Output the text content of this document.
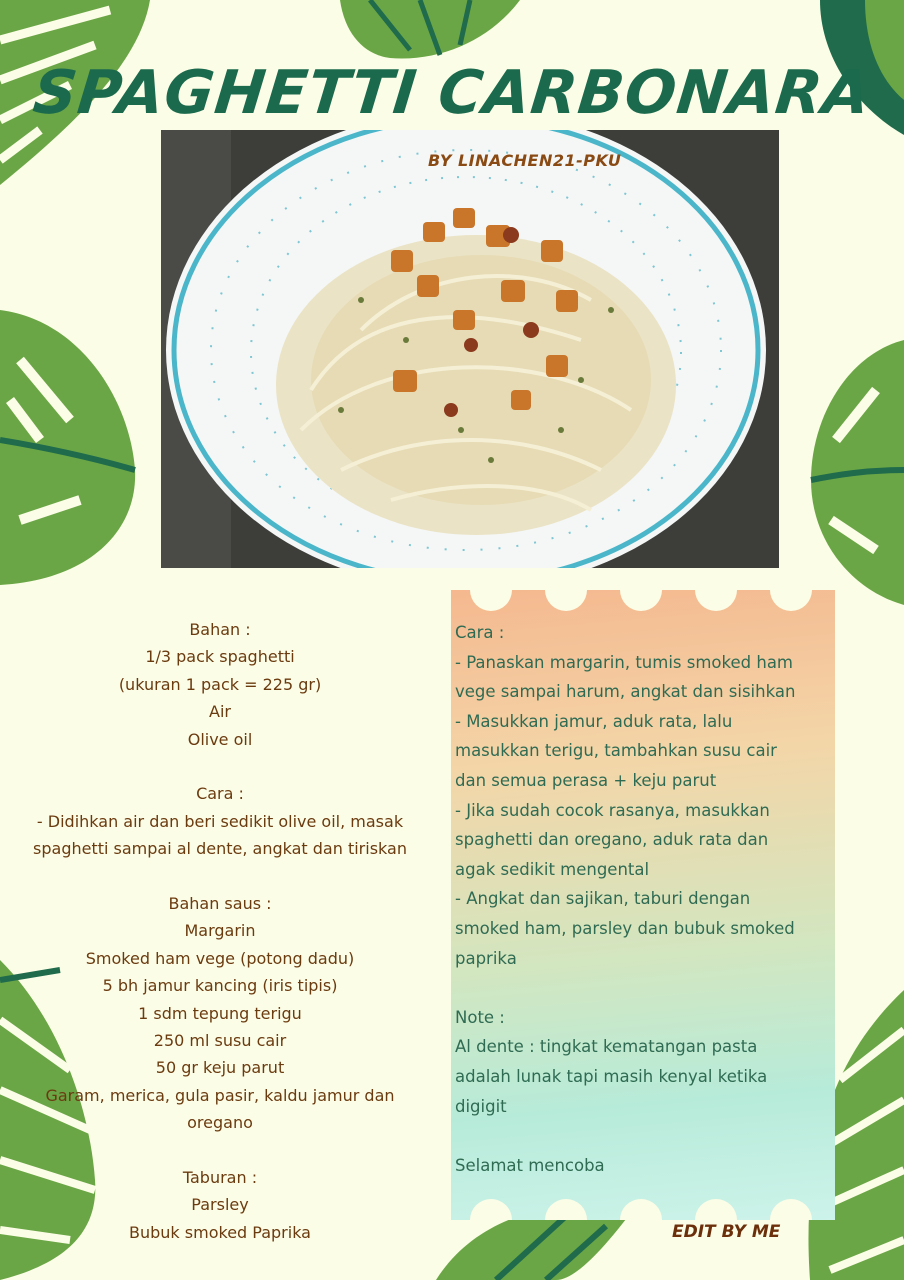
SPAGHETTI CARBONARA
BY LINACHEN21-PKU
Bahan :
1/3 pack spaghetti
(ukuran 1 pack = 225 gr)
Air
Olive oil
Cara :
- Didihkan air dan beri sedikit olive oil, masak
spaghetti sampai al dente, angkat dan tiriskan
Bahan saus :
Margarin
Smoked ham vege (potong dadu)
5 bh jamur kancing (iris tipis)
1 sdm tepung terigu
250 ml susu cair
50 gr keju parut
Garam, merica, gula pasir, kaldu jamur dan
oregano
Taburan :
Parsley
Bubuk smoked Paprika
Cara :
- Panaskan margarin, tumis smoked ham
vege sampai harum, angkat dan sisihkan
- Masukkan jamur, aduk rata, lalu
masukkan terigu, tambahkan susu cair
dan semua perasa + keju parut
- Jika sudah cocok rasanya, masukkan
spaghetti dan oregano, aduk rata dan
agak sedikit mengental
- Angkat dan sajikan, taburi dengan
smoked ham, parsley dan bubuk smoked
paprika
Note :
Al dente : tingkat kematangan pasta
adalah lunak tapi masih kenyal ketika
digigit
Selamat mencoba
EDIT BY ME
